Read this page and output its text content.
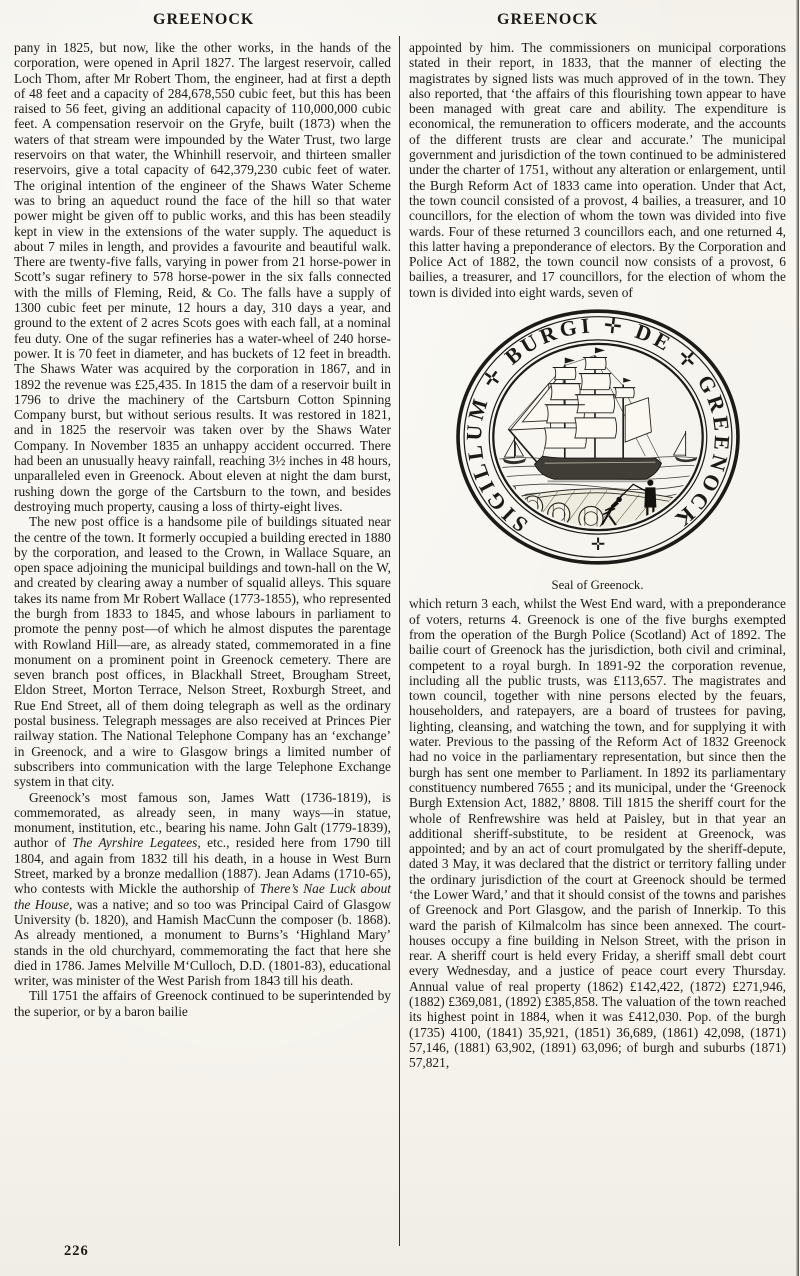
GREENOCK	GREENOCK

pany in 1825, but now, like the other works, in the hands of the corporation, were opened in April 1827. The largest reservoir, called Loch Thom, after Mr Robert Thom, the engineer, had at first a depth of 48 feet and a capacity of 284,678,550 cubic feet, but this has been raised to 56 feet, giving an additional capacity of 110,000,000 cubic feet. A compensation reservoir on the Gryfe, built (1873) when the waters of that stream were impounded by the Water Trust, two large reservoirs on that water, the Whinhill reservoir, and thirteen smaller reservoirs, give a total capacity of 642,379,230 cubic feet of water. The original intention of the engineer of the Shaws Water Scheme was to bring an aqueduct round the face of the hill so that water power might be given off to public works, and this has been steadily kept in view in the extensions of the water supply. The aqueduct is about 7 miles in length, and provides a favourite and beautiful walk. There are twenty-five falls, varying in power from 21 horse-power in Scott’s sugar refinery to 578 horse-power in the six falls connected with the mills of Fleming, Reid, & Co. The falls have a supply of 1300 cubic feet per minute, 12 hours a day, 310 days a year, and ground to the extent of 2 acres Scots goes with each fall, at a nominal feu duty. One of the sugar refineries has a water-wheel of 240 horse-power. It is 70 feet in diameter, and has buckets of 12 feet in breadth. The Shaws Water was acquired by the corporation in 1867, and in 1892 the revenue was £25,435. In 1815 the dam of a reservoir built in 1796 to drive the machinery of the Cartsburn Cotton Spinning Company burst, but without serious results. It was restored in 1821, and in 1825 the reservoir was taken over by the Shaws Water Company. In November 1835 an unhappy accident occurred. There had been an unusually heavy rainfall, reaching 3½ inches in 48 hours, unparalleled even in Greenock. About eleven at night the dam burst, rushing down the gorge of the Cartsburn to the town, and besides destroying much property, causing a loss of thirty-eight lives.

The new post office is a handsome pile of buildings situated near the centre of the town. It formerly occupied a building erected in 1880 by the corporation, and leased to the Crown, in Wallace Square, an open space adjoining the municipal buildings and town-hall on the W, and created by clearing away a number of squalid alleys. This square takes its name from Mr Robert Wallace (1773-1855), who represented the burgh from 1833 to 1845, and whose labours in parliament to promote the penny post—of which he almost disputes the parentage with Rowland Hill—are, as already stated, commemorated in a fine monument on a prominent point in Greenock cemetery. There are seven branch post offices, in Blackhall Street, Brougham Street, Eldon Street, Morton Terrace, Nelson Street, Roxburgh Street, and Rue End Street, all of them doing telegraph as well as the ordinary postal business. Telegraph messages are also received at Princes Pier railway station. The National Telephone Company has an ‘exchange’ in Greenock, and a wire to Glasgow brings a limited number of subscribers into communication with the large Telephone Exchange system in that city.

Greenock’s most famous son, James Watt (1736-1819), is commemorated, as already seen, in many ways—in statue, monument, institution, etc., bearing his name. John Galt (1779-1839), author of The Ayrshire Legatees, etc., resided here from 1790 till 1804, and again from 1832 till his death, in a house in West Burn Street, marked by a bronze medallion (1887). Jean Adams (1710-65), who contests with Mickle the authorship of There’s Nae Luck about the House, was a native; and so too was Principal Caird of Glasgow University (b. 1820), and Hamish MacCunn the composer (b. 1868). As already mentioned, a monument to Burns’s ‘Highland Mary’ stands in the old churchyard, commemorating the fact that here she died in 1786. James Melville M‘Culloch, D.D. (1801-83), educational writer, was minister of the West Parish from 1843 till his death.

Till 1751 the affairs of Greenock continued to be superintended by the superior, or by a baron bailie

appointed by him. The commissioners on municipal corporations stated in their report, in 1833, that the manner of electing the magistrates by signed lists was much approved of in the town. They also reported, that ‘the affairs of this flourishing town appear to have been managed with great care and ability. The expenditure is economical, the remuneration to officers moderate, and the accounts of the different trusts are clear and accurate.’ The municipal government and jurisdiction of the town continued to be administered under the charter of 1751, without any alteration or enlargement, until the Burgh Reform Act of 1833 came into operation. Under that Act, the town council consisted of a provost, 4 bailies, a treasurer, and 10 councillors, for the election of whom the town was divided into five wards. Four of these returned 3 councillors each, and one returned 4, this latter having a preponderance of electors. By the Corporation and Police Act of 1882, the town council now consists of a provost, 6 bailies, a treasurer, and 17 councillors, for the election of whom the town is divided into eight wards, seven of

SIGILLUM ✛ BURGI ✛ DE ✛ GREENOCK
✛
Seal of Greenock.

which return 3 each, whilst the West End ward, with a preponderance of voters, returns 4. Greenock is one of the five burghs exempted from the operation of the Burgh Police (Scotland) Act of 1892. The bailie court of Greenock has the jurisdiction, both civil and criminal, competent to a royal burgh. In 1891-92 the corporation revenue, including all the public trusts, was £113,657. The magistrates and town council, together with nine persons elected by the feuars, householders, and ratepayers, are a board of trustees for paving, lighting, cleansing, and watching the town, and for supplying it with water. Previous to the passing of the Reform Act of 1832 Greenock had no voice in the parliamentary representation, but since then the burgh has sent one member to Parliament. In 1892 its parliamentary constituency numbered 7655 ; and its municipal, under the ‘Greenock Burgh Extension Act, 1882,’ 8808. Till 1815 the sheriff court for the whole of Renfrewshire was held at Paisley, but in that year an additional sheriff-substitute, to be resident at Greenock, was appointed; and by an act of court promulgated by the sheriff-depute, dated 3 May, it was declared that the district or territory falling under the ordinary jurisdiction of the court at Greenock should be termed ‘the Lower Ward,’ and that it should consist of the towns and parishes of Greenock and Port Glasgow, and the parish of Innerkip. To this ward the parish of Kilmalcolm has since been annexed. The court-houses occupy a fine building in Nelson Street, with the prison in rear. A sheriff court is held every Friday, a sheriff small debt court every Wednesday, and a justice of peace court every Thursday. Annual value of real property (1862) £142,422, (1872) £271,946, (1882) £369,081, (1892) £385,858. The valuation of the town reached its highest point in 1884, when it was £412,030. Pop. of the burgh (1735) 4100, (1841) 35,921, (1851) 36,689, (1861) 42,098, (1871) 57,146, (1881) 63,902, (1891) 63,096; of burgh and suburbs (1871) 57,821,

226
